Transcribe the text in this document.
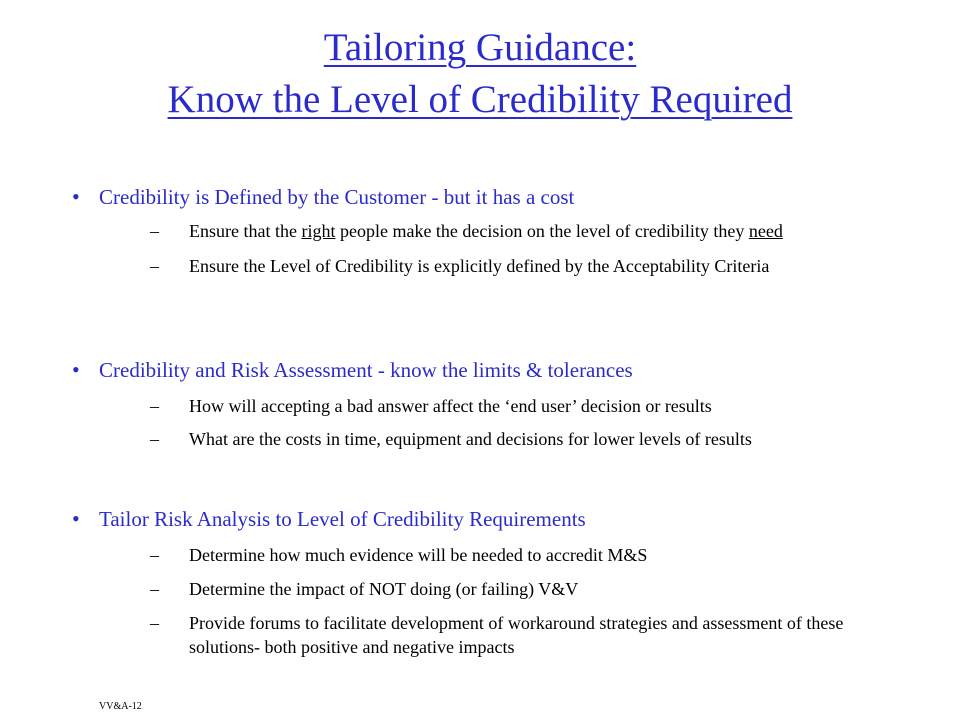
Tailoring Guidance:
Know the Level of Credibility Required
• Credibility is Defined by the Customer - but it has a cost
– Ensure that the right people make the decision on the level of credibility they need
– Ensure the Level of Credibility is explicitly defined by the Acceptability Criteria
• Credibility and Risk Assessment - know the limits & tolerances
– How will accepting a bad answer affect the ‘end user’ decision or results
– What are the costs in time, equipment and decisions for lower levels of results
• Tailor Risk Analysis to Level of Credibility Requirements
– Determine how much evidence will be needed to accredit M&S
– Determine the impact of NOT doing (or failing) V&V
– Provide forums to facilitate development of workaround strategies and assessment of these solutions- both positive and negative impacts
VV&A-12
